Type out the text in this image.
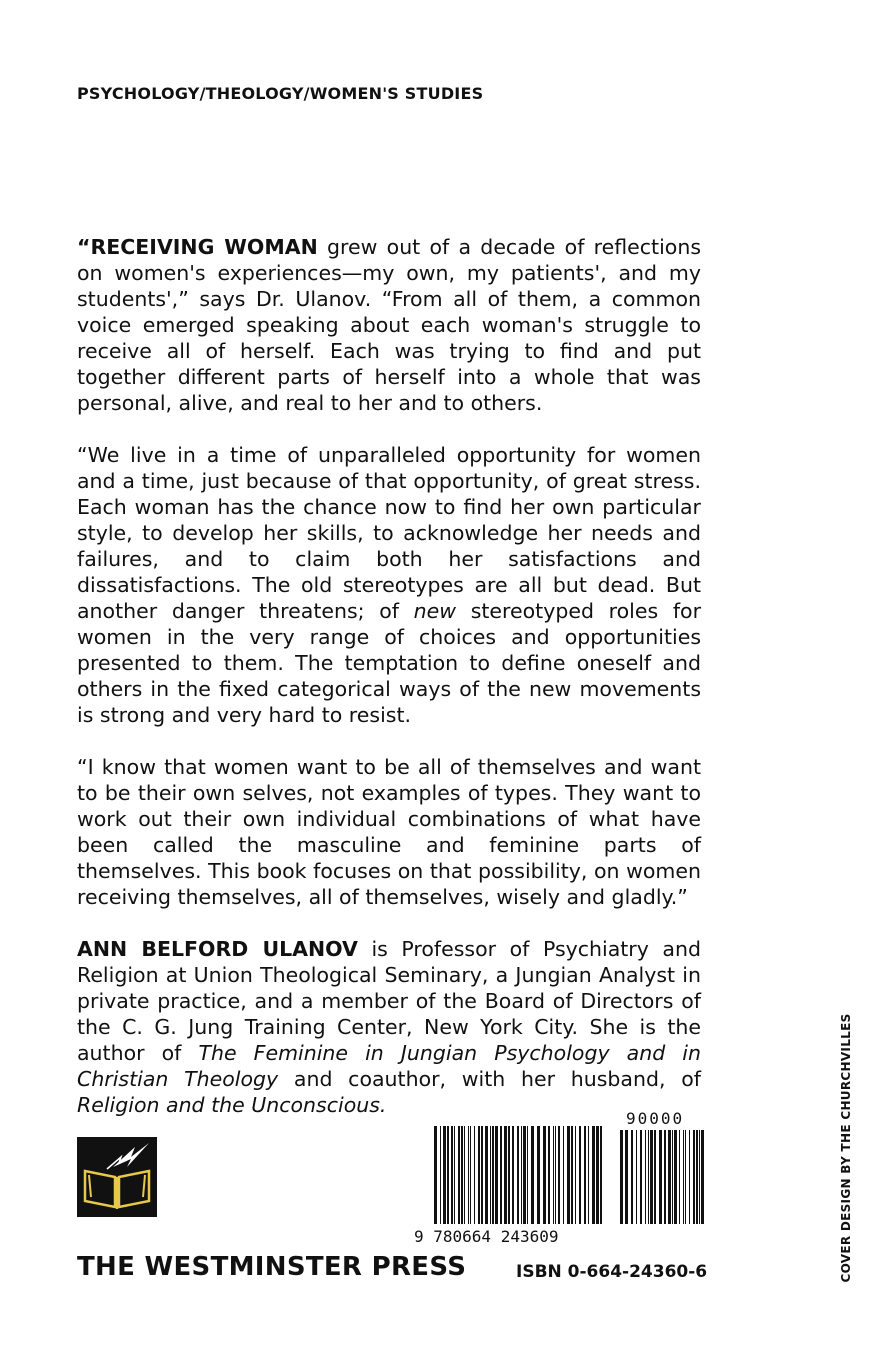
PSYCHOLOGY/THEOLOGY/WOMEN'S STUDIES

“RECEIVING WOMAN grew out of a decade of reflections on women's experiences—my own, my patients', and my students',” says Dr. Ulanov. “From all of them, a common voice emerged speaking about each woman's struggle to receive all of herself. Each was trying to find and put together different parts of herself into a whole that was personal, alive, and real to her and to others.

“We live in a time of unparalleled opportunity for women and a time, just because of that opportunity, of great stress. Each woman has the chance now to find her own particular style, to develop her skills, to acknowledge her needs and failures, and to claim both her satisfactions and dissatisfactions. The old stereotypes are all but dead. But another danger threatens; of new stereotyped roles for women in the very range of choices and opportunities presented to them. The temptation to define oneself and others in the fixed categorical ways of the new movements is strong and very hard to resist.

“I know that women want to be all of themselves and want to be their own selves, not examples of types. They want to work out their own individual combinations of what have been called the masculine and feminine parts of themselves. This book focuses on that possibility, on women receiving themselves, all of themselves, wisely and gladly.”

ANN BELFORD ULANOV is Professor of Psychiatry and Religion at Union Theological Seminary, a Jungian Analyst in private practice, and a member of the Board of Directors of the C. G. Jung Training Center, New York City. She is the author of The Feminine in Jungian Psychology and in Christian Theology and coauthor, with her husband, of Religion and the Unconscious.

9 780664 243609
90000
THE WESTMINSTER PRESS	ISBN 0-664-24360-6	COVER DESIGN BY THE CHURCHVILLES
